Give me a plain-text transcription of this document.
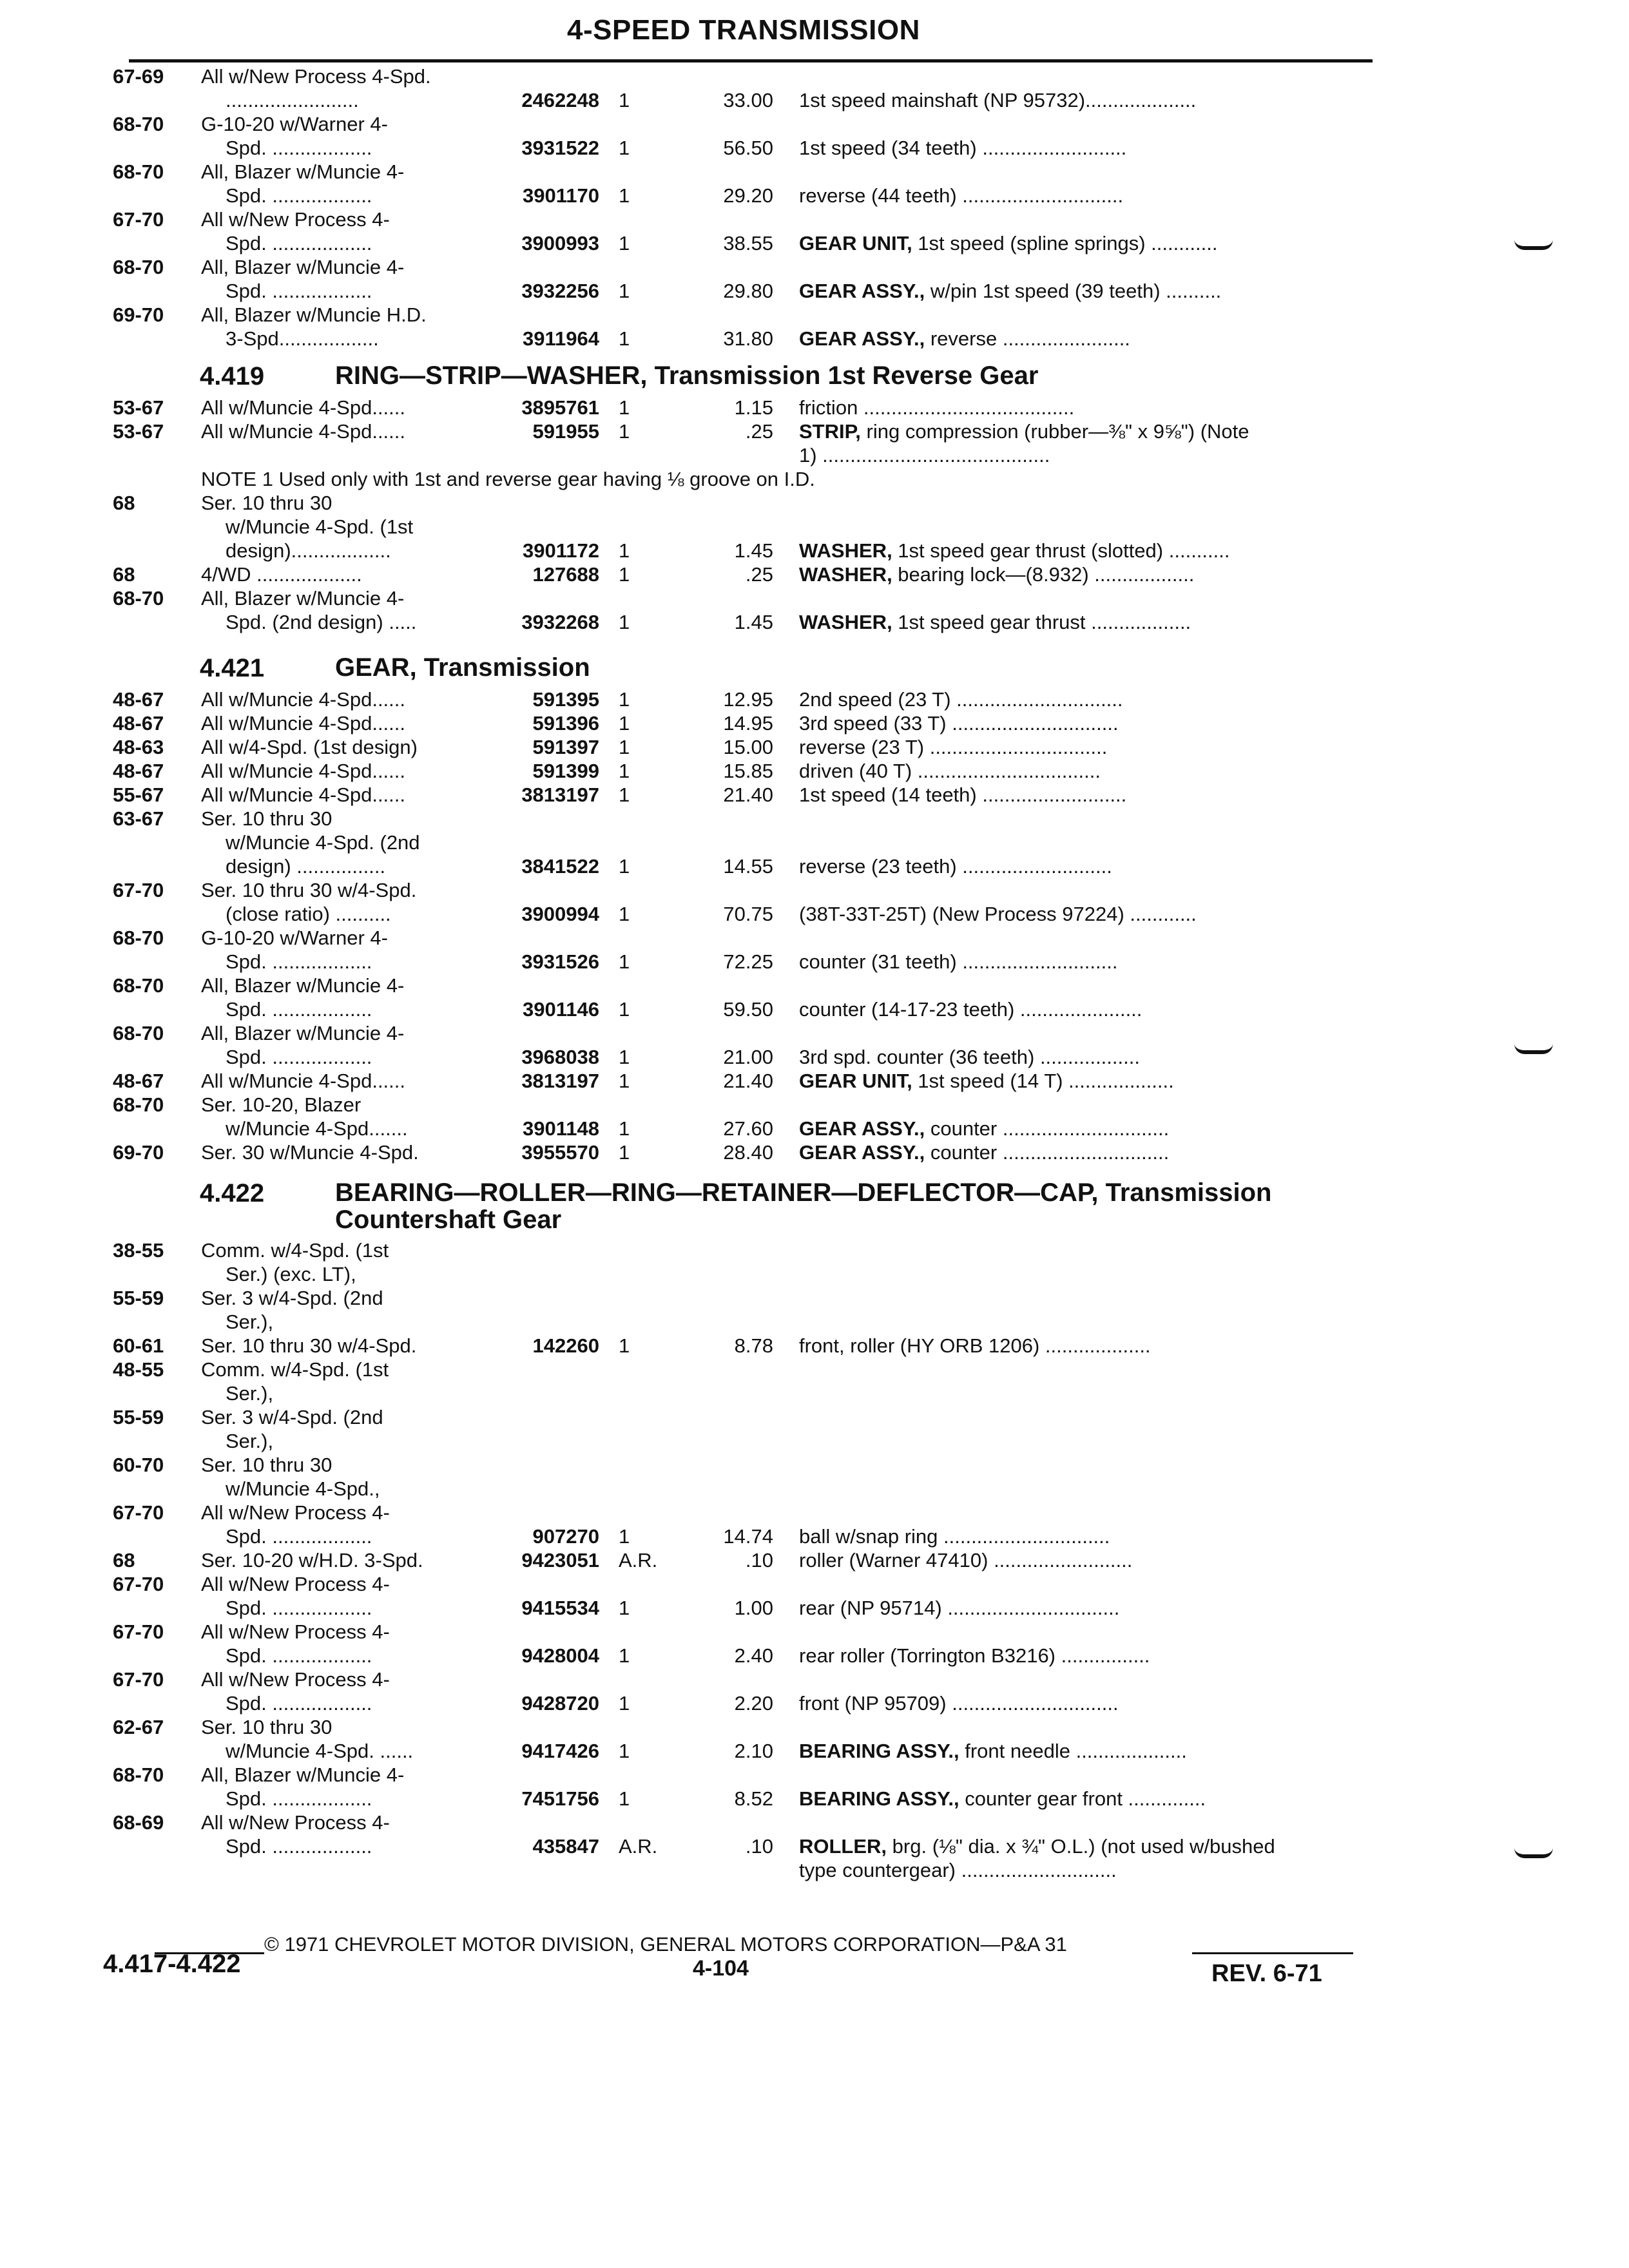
4-SPEED TRANSMISSION
67-69 All w/New Process 4-Spd.
........................	2462248 1	33.00 1st speed mainshaft (NP 95732)....................
68-70 G-10-20 w/Warner 4-
Spd. ..................	3931522 1	56.50 1st speed (34 teeth) ..........................
68-70 All, Blazer w/Muncie 4-
Spd. ..................	3901170 1	29.20 reverse (44 teeth) .............................
67-70 All w/New Process 4-
Spd. ..................	3900993 1	38.55 GEAR UNIT, 1st speed (spline springs) ............
68-70 All, Blazer w/Muncie 4-
Spd. ..................	3932256 1	29.80 GEAR ASSY., w/pin 1st speed (39 teeth) ..........
69-70 All, Blazer w/Muncie H.D.
3-Spd..................	3911964 1	31.80 GEAR ASSY., reverse .......................
4.419	RING—STRIP—WASHER, Transmission 1st Reverse Gear
53-67 All w/Muncie 4-Spd......	3895761 1	1.15 friction ......................................
53-67 All w/Muncie 4-Spd......	591955 1	.25 STRIP, ring compression (rubber—⅜" x 9⅝") (Note
1) .........................................
NOTE 1 Used only with 1st and reverse gear having ⅛ groove on I.D.
68	Ser. 10 thru 30
w/Muncie 4-Spd. (1st
design)..................	3901172 1	1.45 WASHER, 1st speed gear thrust (slotted) ...........
68	4/WD ...................	127688 1	.25 WASHER, bearing lock—(8.932) ..................
68-70 All, Blazer w/Muncie 4-
Spd. (2nd design) .....	3932268 1	1.45 WASHER, 1st speed gear thrust ..................
4.421	GEAR, Transmission
48-67 All w/Muncie 4-Spd......	591395 1	12.95 2nd speed (23 T) ..............................
48-67 All w/Muncie 4-Spd......	591396 1	14.95 3rd speed (33 T) ..............................
48-63 All w/4-Spd. (1st design)	591397 1	15.00 reverse (23 T) ................................
48-67 All w/Muncie 4-Spd......	591399 1	15.85 driven (40 T) .................................
55-67 All w/Muncie 4-Spd......	3813197 1	21.40 1st speed (14 teeth) ..........................
63-67 Ser. 10 thru 30
w/Muncie 4-Spd. (2nd
design) ................	3841522 1	14.55 reverse (23 teeth) ...........................
67-70 Ser. 10 thru 30 w/4-Spd.
(close ratio) ..........	3900994 1	70.75 (38T-33T-25T) (New Process 97224) ............
68-70 G-10-20 w/Warner 4-
Spd. ..................	3931526 1	72.25 counter (31 teeth) ............................
68-70 All, Blazer w/Muncie 4-
Spd. ..................	3901146 1	59.50 counter (14-17-23 teeth) ......................
68-70 All, Blazer w/Muncie 4-
Spd. ..................	3968038 1	21.00 3rd spd. counter (36 teeth) ..................
48-67 All w/Muncie 4-Spd......	3813197 1	21.40 GEAR UNIT, 1st speed (14 T) ...................
68-70 Ser. 10-20, Blazer
w/Muncie 4-Spd.......	3901148 1	27.60 GEAR ASSY., counter ..............................
69-70 Ser. 30 w/Muncie 4-Spd.	3955570 1	28.40 GEAR ASSY., counter ..............................
4.422	BEARING—ROLLER—RING—RETAINER—DEFLECTOR—CAP, Transmission Countershaft Gear
38-55 Comm. w/4-Spd. (1st
Ser.) (exc. LT),
55-59 Ser. 3 w/4-Spd. (2nd
Ser.),
60-61 Ser. 10 thru 30 w/4-Spd.	142260 1	8.78 front, roller (HY ORB 1206) ...................
48-55 Comm. w/4-Spd. (1st
Ser.),
55-59 Ser. 3 w/4-Spd. (2nd
Ser.),
60-70 Ser. 10 thru 30
w/Muncie 4-Spd.,
67-70 All w/New Process 4-
Spd. ..................	907270 1	14.74 ball w/snap ring ..............................
68	Ser. 10-20 w/H.D. 3-Spd.	9423051 A.R.	.10 roller (Warner 47410) .........................
67-70 All w/New Process 4-
Spd. ..................	9415534 1	1.00 rear (NP 95714) ...............................
67-70 All w/New Process 4-
Spd. ..................	9428004 1	2.40 rear roller (Torrington B3216) ................
67-70 All w/New Process 4-
Spd. ..................	9428720 1	2.20 front (NP 95709) ..............................
62-67 Ser. 10 thru 30
w/Muncie 4-Spd. ......	9417426 1	2.10 BEARING ASSY., front needle ....................
68-70 All, Blazer w/Muncie 4-
Spd. ..................	7451756 1	8.52 BEARING ASSY., counter gear front ..............
68-69 All w/New Process 4-
Spd. ..................	435847 A.R.	.10 ROLLER, brg. (⅛" dia. x ¾" O.L.) (not used w/bushed
type countergear) ............................
© 1971 CHEVROLET MOTOR DIVISION, GENERAL MOTORS CORPORATION—P&A 31
4.417-4.422	4-104	REV. 6-71
